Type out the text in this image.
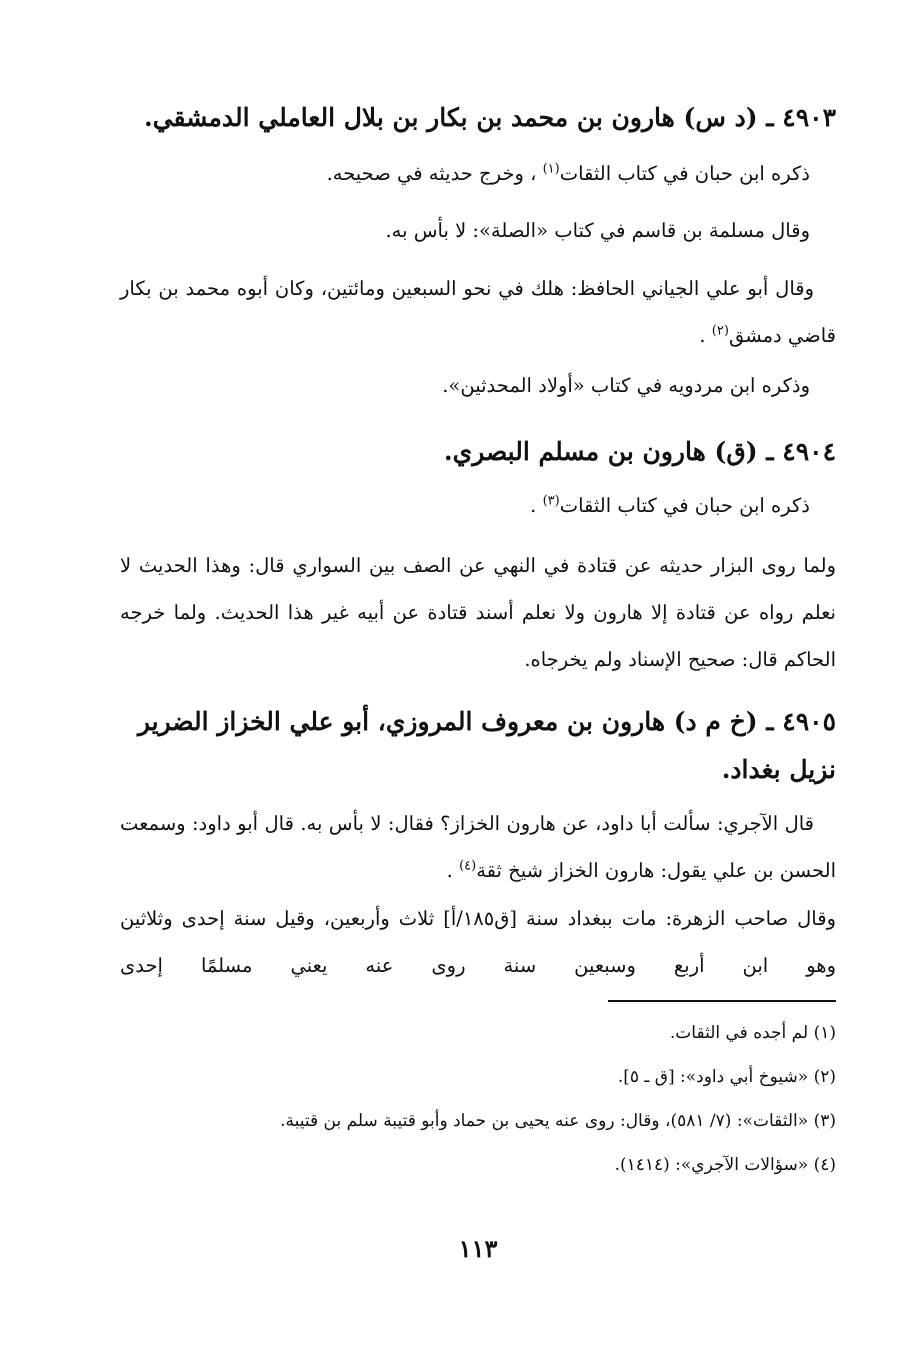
٤٩٠٣ ـ (د س) هارون بن محمد بن بكار بن بلال العاملي الدمشقي.
ذكره ابن حبان في كتاب الثقات$^{(١)}$ ، وخرج حديثه في صحيحه.
وقال مسلمة بن قاسم في كتاب «الصلة»: لا بأس به.
وقال أبو علي الجياني الحافظ: هلك في نحو السبعين ومائتين، وكان أبوه محمد بن بكار قاضي دمشق$^{(٢)}$ .
وذكره ابن مردويه في كتاب «أولاد المحدثين».
٤٩٠٤ ـ (ق) هارون بن مسلم البصري.
ذكره ابن حبان في كتاب الثقات$^{(٣)}$ .
ولما روى البزار حديثه عن قتادة في النهي عن الصف بين السواري قال: وهذا الحديث لا نعلم رواه عن قتادة إلا هارون ولا نعلم أسند قتادة عن أبيه غير هذا الحديث. ولما خرجه الحاكم قال: صحيح الإسناد ولم يخرجاه.
٤٩٠٥ ـ (خ م د) هارون بن معروف المروزي، أبو علي الخزاز الضرير نزيل بغداد.
قال الآجري: سألت أبا داود، عن هارون الخزاز؟ فقال: لا بأس به. قال أبو داود: وسمعت الحسن بن علي يقول: هارون الخزاز شيخ ثقة$^{(٤)}$ .
وقال صاحب الزهرة: مات ببغداد سنة [ق١٨٥/أ] ثلاث وأربعين، وقيل سنة إحدى وثلاثين وهو ابن أربع وسبعين سنة روى عنه يعني مسلمًا إحدى
(١) لم أجده في الثقات.
(٢) «شيوخ أبي داود»: [ق ـ ٥].
(٣) «الثقات»: (٧/ ٥٨١)، وقال: روى عنه يحيى بن حماد وأبو قتيبة سلم بن قتيبة.
(٤) «سؤالات الآجري»: (١٤١٤).
١١٣
